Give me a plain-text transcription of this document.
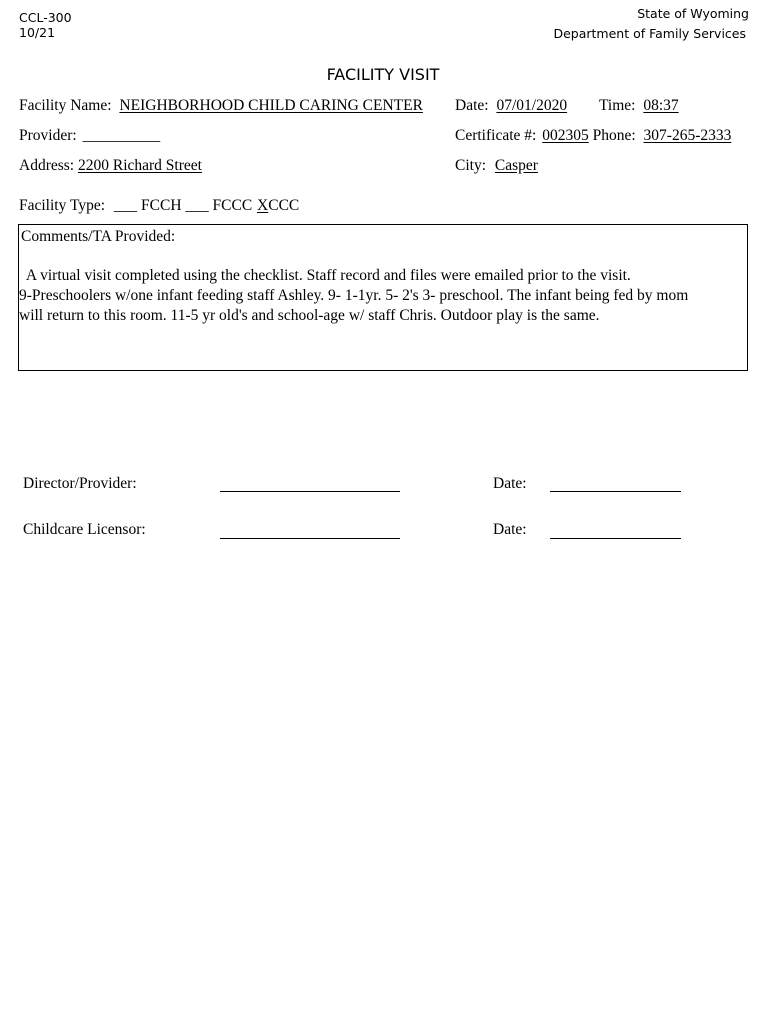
CCL-300
10/21
State of Wyoming
Department of Family Services
FACILITY VISIT
Facility Name: NEIGHBORHOOD CHILD CARING CENTER Date: 07/01/2020 Time: 08:37
Provider: __________	Certificate #: 002305 Phone: 307-265-2333
Address: 2200 Richard Street	City: Casper
Facility Type: ___ FCCH ___ FCCC XCCC
Comments/TA Provided:
A virtual visit completed using the checklist. Staff record and files were emailed prior to the visit.
9-Preschoolers w/one infant feeding staff Ashley. 9- 1-1yr. 5- 2's 3- preschool. The infant being fed by mom
will return to this room. 11-5 yr old's and school-age w/ staff Chris. Outdoor play is the same.
Director/Provider:	Date:
Childcare Licensor:	Date:
